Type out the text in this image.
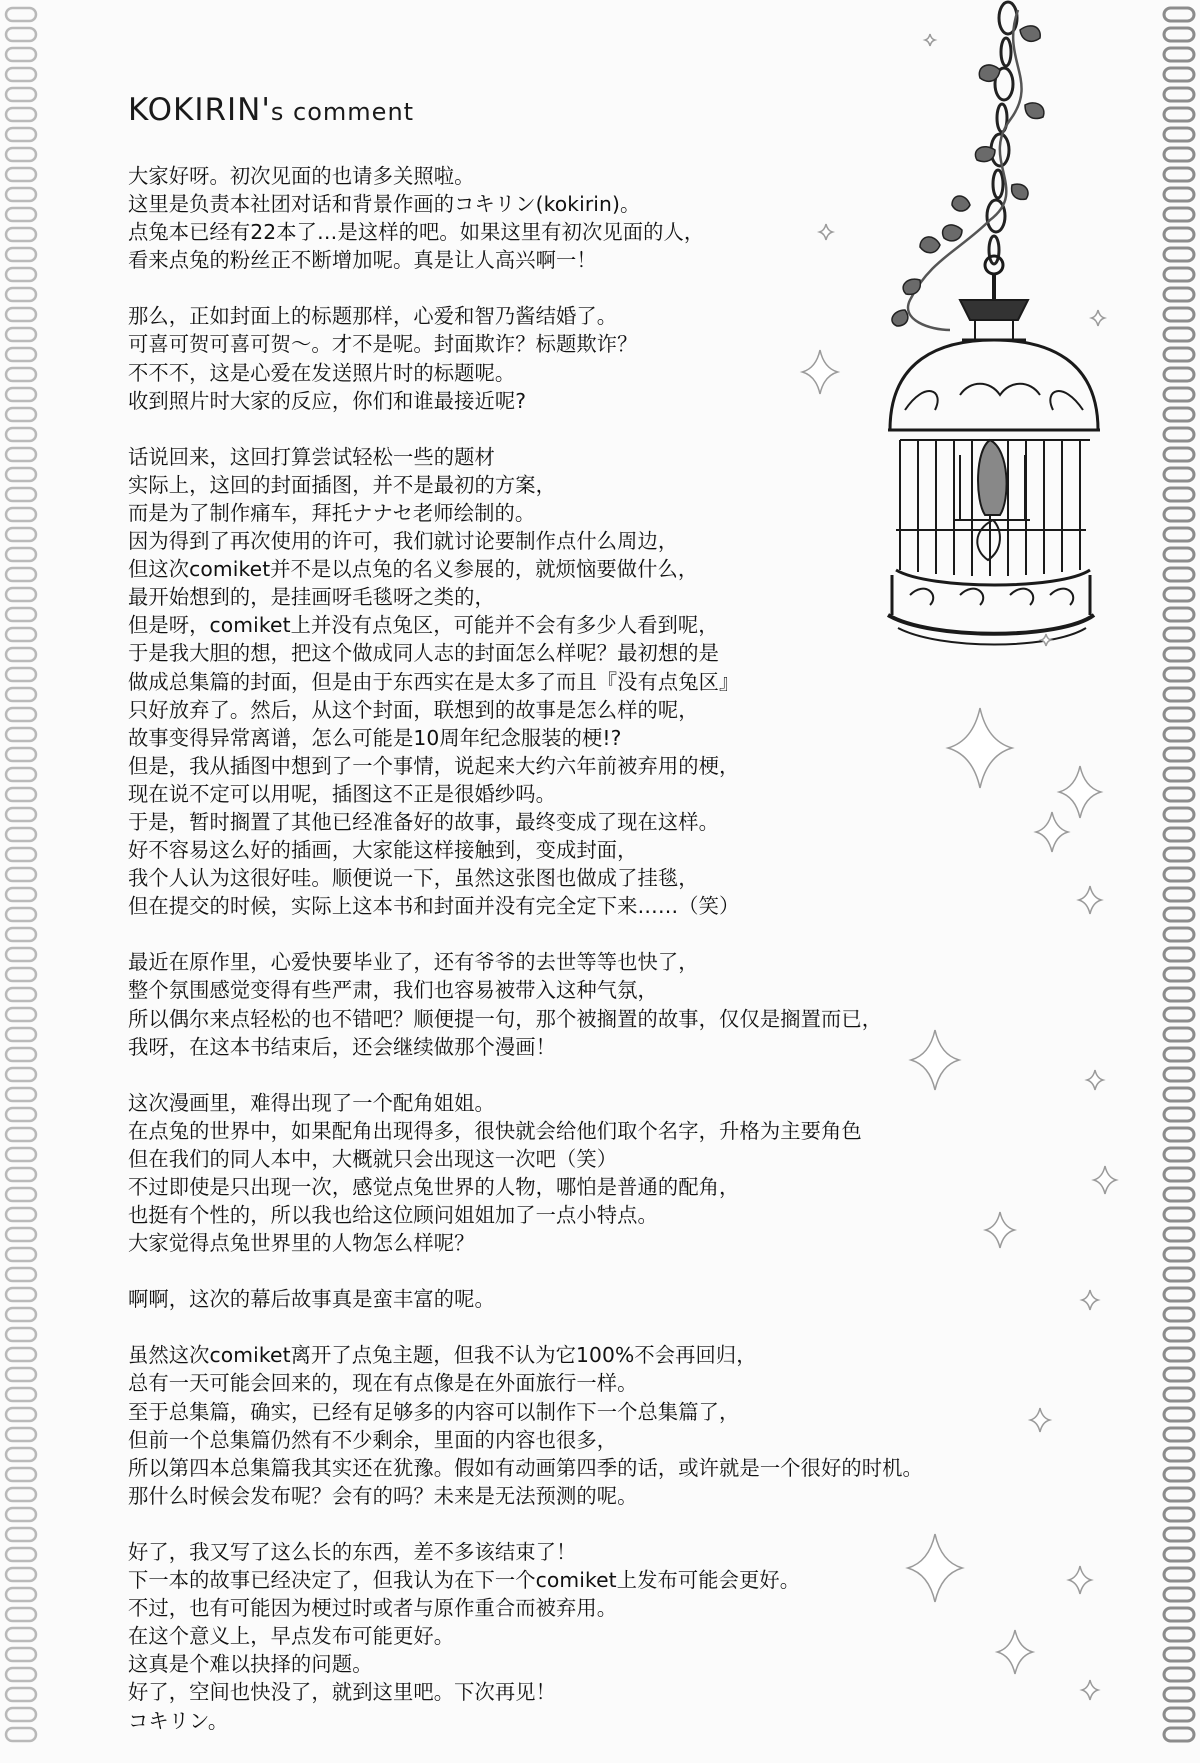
KOKIRIN's comment
大家好呀。初次见面的也请多关照啦。
这里是负责本社团对话和背景作画的コキリン(kokirin)。
点兔本已经有22本了…是这样的吧。如果这里有初次见面的人，
看来点兔的粉丝正不断增加呢。真是让人高兴啊一！
那么，正如封面上的标题那样，心爱和智乃酱结婚了。
可喜可贺可喜可贺〜。才不是呢。封面欺诈？标题欺诈？
不不不，这是心爱在发送照片时的标题呢。
收到照片时大家的反应，你们和谁最接近呢?
话说回来，这回打算尝试轻松一些的题材
实际上，这回的封面插图，并不是最初的方案，
而是为了制作痛车，拜托ナナセ老师绘制的。
因为得到了再次使用的许可，我们就讨论要制作点什么周边，
但这次comiket并不是以点兔的名义参展的，就烦恼要做什么，
最开始想到的，是挂画呀毛毯呀之类的，
但是呀，comiket上并没有点兔区，可能并不会有多少人看到呢，
于是我大胆的想，把这个做成同人志的封面怎么样呢？最初想的是
做成总集篇的封面，但是由于东西实在是太多了而且『没有点兔区』
只好放弃了。然后，从这个封面，联想到的故事是怎么样的呢，
故事变得异常离谱，怎么可能是10周年纪念服装的梗!?
但是，我从插图中想到了一个事情，说起来大约六年前被弃用的梗，
现在说不定可以用呢，插图这不正是很婚纱吗。
于是，暂时搁置了其他已经准备好的故事，最终变成了现在这样。
好不容易这么好的插画，大家能这样接触到，变成封面，
我个人认为这很好哇。顺便说一下，虽然这张图也做成了挂毯，
但在提交的时候，实际上这本书和封面并没有完全定下来……（笑）
最近在原作里，心爱快要毕业了，还有爷爷的去世等等也快了，
整个氛围感觉变得有些严肃，我们也容易被带入这种气氛，
所以偶尔来点轻松的也不错吧？顺便提一句，那个被搁置的故事，仅仅是搁置而已，
我呀，在这本书结束后，还会继续做那个漫画！
这次漫画里，难得出现了一个配角姐姐。
在点兔的世界中，如果配角出现得多，很快就会给他们取个名字，升格为主要角色
但在我们的同人本中，大概就只会出现这一次吧（笑）
不过即使是只出现一次，感觉点兔世界的人物，哪怕是普通的配角，
也挺有个性的，所以我也给这位顾问姐姐加了一点小特点。
大家觉得点兔世界里的人物怎么样呢？
啊啊，这次的幕后故事真是蛮丰富的呢。
虽然这次comiket离开了点兔主题，但我不认为它100%不会再回归，
总有一天可能会回来的，现在有点像是在外面旅行一样。
至于总集篇，确实，已经有足够多的内容可以制作下一个总集篇了，
但前一个总集篇仍然有不少剩余，里面的内容也很多，
所以第四本总集篇我其实还在犹豫。假如有动画第四季的话，或许就是一个很好的时机。
那什么时候会发布呢？会有的吗？未来是无法预测的呢。
好了，我又写了这么长的东西，差不多该结束了！
下一本的故事已经决定了，但我认为在下一个comiket上发布可能会更好。
不过，也有可能因为梗过时或者与原作重合而被弃用。
在这个意义上，早点发布可能更好。
这真是个难以抉择的问题。
好了，空间也快没了，就到这里吧。下次再见！
コキリン。
